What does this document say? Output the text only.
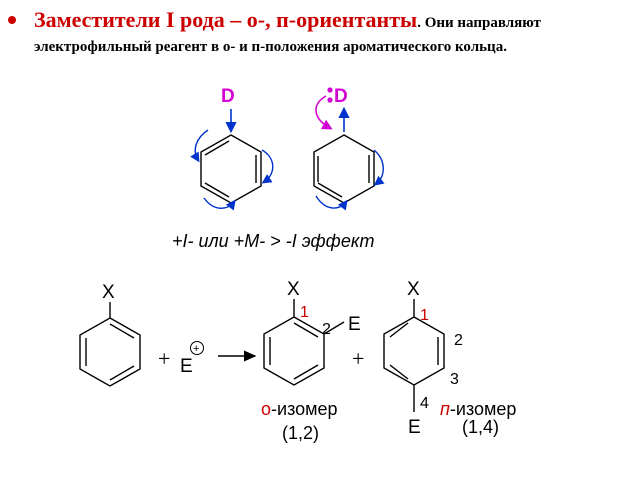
Заместители I рода – о-, п-ориентанты. Они направляют электрофильный реагент в о- и п-положения ароматического кольца.
D	D
+I- или +M- > -I эффект
X
+ E
+
X
1
2 E
о-изомер
(1,2)
+
X
1
2
3
4
E
п-изомер
(1,4)
